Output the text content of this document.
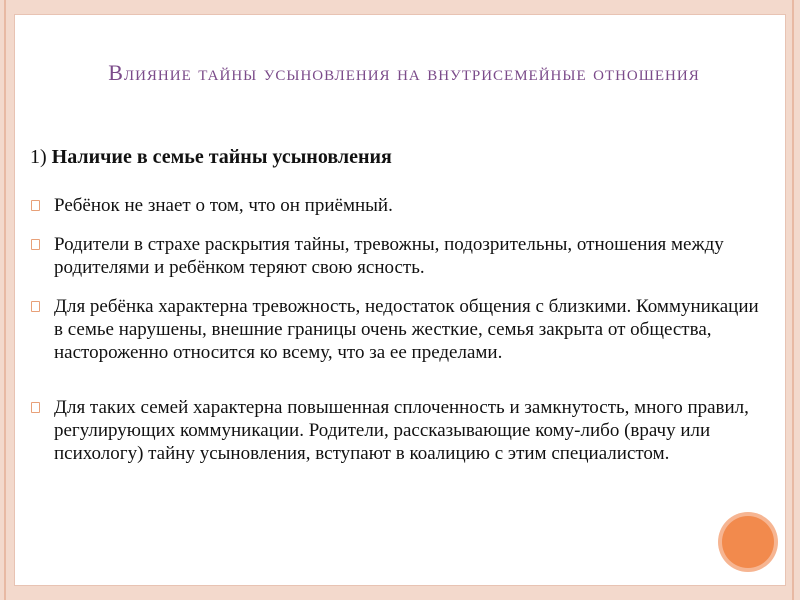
Влияние тайны усыновления на внутрисемейные отношения

1) Наличие в семье тайны усыновления

Ребёнок не знает о том, что он приёмный.
Родители в страхе раскрытия тайны, тревожны, подозрительны, отношения между родителями и ребёнком теряют свою ясность.
Для ребёнка характерна тревожность, недостаток общения с близкими. Коммуникации в семье нарушены, внешние границы очень жесткие, семья закрыта от общества, настороженно относится ко всему, что за ее пределами.
Для таких семей характерна повышенная сплоченность и замкнутость, много правил, регулирующих коммуникации. Родители, рассказывающие кому-либо (врачу или психологу) тайну усыновления, вступают в коалицию с этим специалистом.
